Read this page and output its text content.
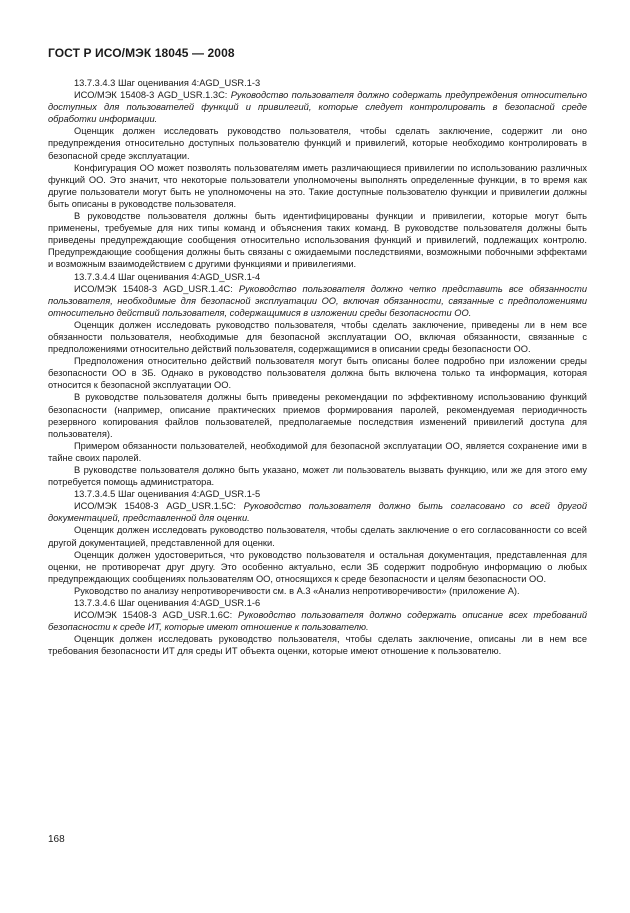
ГОСТ Р ИСО/МЭК 18045 — 2008

13.7.3.4.3 Шаг оценивания 4:AGD_USR.1-3

ИСО/МЭК 15408-3 AGD_USR.1.3C: Руководство пользователя должно содержать предупреждения относительно доступных для пользователей функций и привилегий, которые следует контролировать в безопасной среде обработки информации.

Оценщик должен исследовать руководство пользователя, чтобы сделать заключение, содержит ли оно предупреждения относительно доступных пользователю функций и привилегий, которые необходимо контролировать в безопасной среде эксплуатации.

Конфигурация ОО может позволять пользователям иметь различающиеся привилегии по использованию различных функций ОО. Это значит, что некоторые пользователи уполномочены выполнять определенные функции, в то время как другие пользователи могут быть не уполномочены на это. Такие доступные пользователю функции и привилегии должны быть описаны в руководстве пользователя.

В руководстве пользователя должны быть идентифицированы функции и привилегии, которые могут быть применены, требуемые для них типы команд и объяснения таких команд. В руководстве пользователя должны быть приведены предупреждающие сообщения относительно использования функций и привилегий, подлежащих контролю. Предупреждающие сообщения должны быть связаны с ожидаемыми последствиями, возможными побочными эффектами и возможным взаимодействием с другими функциями и привилегиями.

13.7.3.4.4 Шаг оценивания 4:AGD_USR.1-4

ИСО/МЭК 15408-3 AGD_USR.1.4C: Руководство пользователя должно четко представить все обязанности пользователя, необходимые для безопасной эксплуатации ОО, включая обязанности, связанные с предположениями относительно действий пользователя, содержащимися в изложении среды безопасности ОО.

Оценщик должен исследовать руководство пользователя, чтобы сделать заключение, приведены ли в нем все обязанности пользователя, необходимые для безопасной эксплуатации ОО, включая обязанности, связанные с предположениями относительно действий пользователя, содержащимися в описании среды безопасности ОО.

Предположения относительно действий пользователя могут быть описаны более подробно при изложении среды безопасности ОО в ЗБ. Однако в руководство пользователя должна быть включена только та информация, которая относится к безопасной эксплуатации ОО.

В руководстве пользователя должны быть приведены рекомендации по эффективному использованию функций безопасности (например, описание практических приемов формирования паролей, рекомендуемая периодичность резервного копирования файлов пользователей, предполагаемые последствия изменений привилегий доступа для пользователя).

Примером обязанности пользователей, необходимой для безопасной эксплуатации ОО, является сохранение ими в тайне своих паролей.

В руководстве пользователя должно быть указано, может ли пользователь вызвать функцию, или же для этого ему потребуется помощь администратора.

13.7.3.4.5 Шаг оценивания 4:AGD_USR.1-5

ИСО/МЭК 15408-3 AGD_USR.1.5C: Руководство пользователя должно быть согласовано со всей другой документацией, представленной для оценки.

Оценщик должен исследовать руководство пользователя, чтобы сделать заключение о его согласованности со всей другой документацией, представленной для оценки.

Оценщик должен удостовериться, что руководство пользователя и остальная документация, представленная для оценки, не противоречат друг другу. Это особенно актуально, если ЗБ содержит подробную информацию о любых предупреждающих сообщениях пользователям ОО, относящихся к среде безопасности и целям безопасности ОО.

Руководство по анализу непротиворечивости см. в А.3 «Анализ непротиворечивости» (приложение А).

13.7.3.4.6 Шаг оценивания 4:AGD_USR.1-6

ИСО/МЭК 15408-3 AGD_USR.1.6C: Руководство пользователя должно содержать описание всех требований безопасности к среде ИТ, которые имеют отношение к пользователю.

Оценщик должен исследовать руководство пользователя, чтобы сделать заключение, описаны ли в нем все требования безопасности ИТ для среды ИТ объекта оценки, которые имеют отношение к пользователю.

168
